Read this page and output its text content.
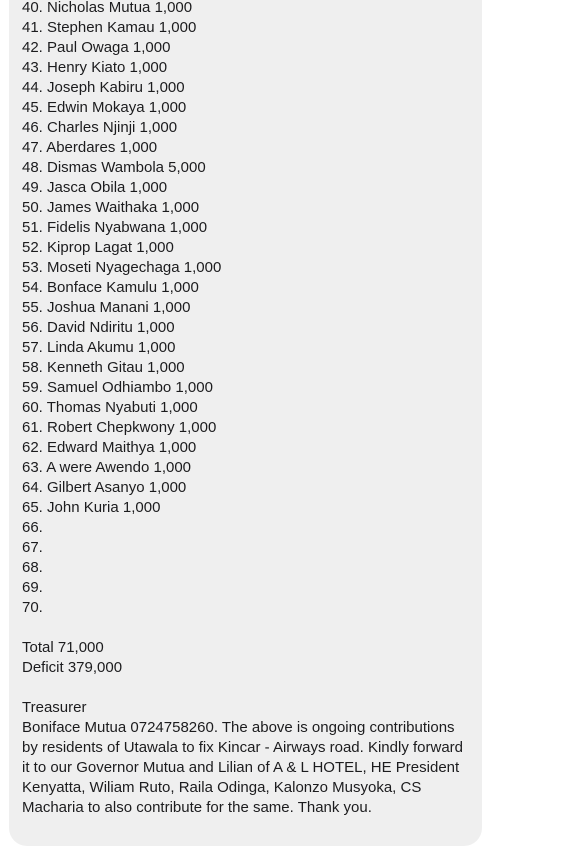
40. Nicholas Mutua 1,000
41. Stephen Kamau 1,000
42. Paul Owaga 1,000
43. Henry Kiato 1,000
44. Joseph Kabiru 1,000
45. Edwin Mokaya 1,000
46. Charles Njinji 1,000
47. Aberdares 1,000
48. Dismas Wambola 5,000
49. Jasca Obila 1,000
50. James Waithaka 1,000
51. Fidelis Nyabwana 1,000
52. Kiprop Lagat 1,000
53. Moseti Nyagechaga 1,000
54. Bonface Kamulu 1,000
55. Joshua Manani 1,000
56. David Ndiritu 1,000
57. Linda Akumu 1,000
58. Kenneth Gitau 1,000
59. Samuel Odhiambo 1,000
60. Thomas Nyabuti 1,000
61. Robert Chepkwony 1,000
62. Edward Maithya 1,000
63. A were Awendo 1,000
64. Gilbert Asanyo 1,000
65. John Kuria 1,000
66.
67.
68.
69.
70.
Total 71,000
Deficit 379,000
Treasurer
Boniface Mutua 0724758260. The above is ongoing contributions by residents of Utawala to fix Kincar - Airways road. Kindly forward it to our Governor Mutua and Lilian of A & L HOTEL, HE President Kenyatta, Wiliam Ruto, Raila Odinga, Kalonzo Musyoka, CS Macharia to also contribute for the same. Thank you.
